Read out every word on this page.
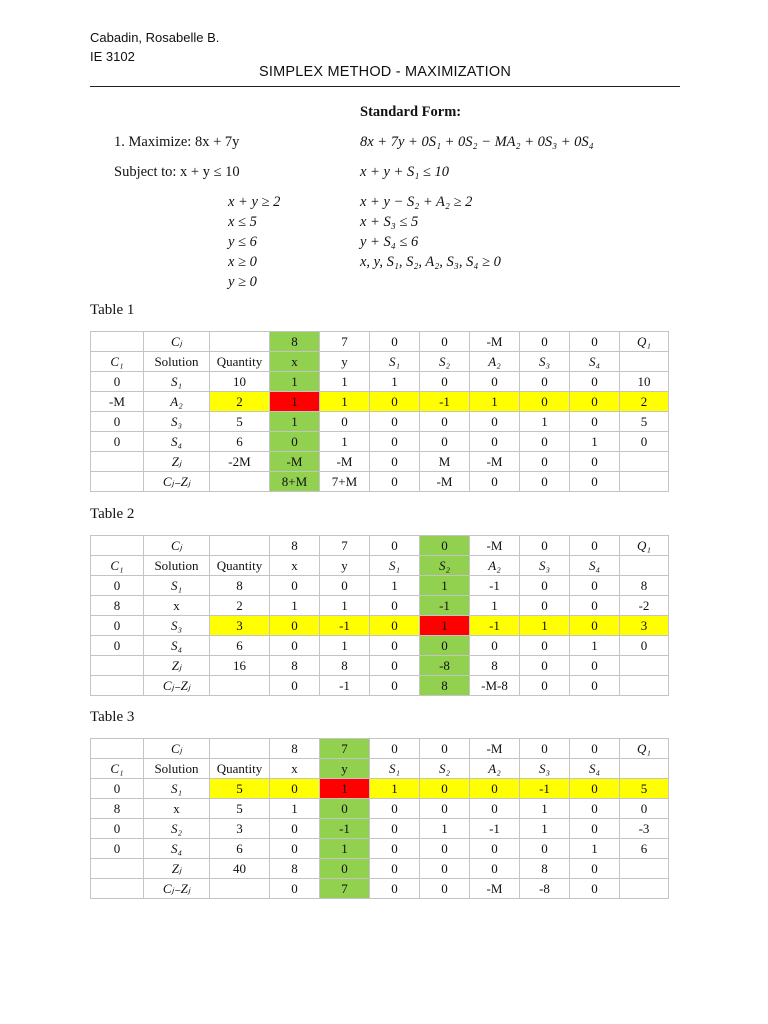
Cabadin, Rosabelle B.
IE 3102
SIMPLEX METHOD - MAXIMIZATION
1. Maximize: 8x + 7y
Subject to: x + y ≤ 10
x + y ≥ 2
x ≤ 5
y ≤ 6
x ≥ 0
y ≥ 0
Standard Form:
8x + 7y + 0S₁ + 0S₂ − MA₂ + 0S₃ + 0S₄
x + y + S₁ ≤ 10
x + y − S₂ + A₂ ≥ 2
x + S₃ ≤ 5
y + S₄ ≤ 6
x, y, S₁, S₂, A₂, S₃, S₄ ≥ 0
Table 1
	Cⱼ		8	7	0	0	-M	0	0	Q₁
C₁	Solution	Quantity	x	y	S₁	S₂	A₂	S₃	S₄	
0	S₁	10	1	1	1	0	0	0	0	10
-M	A₂	2	1	1	0	-1	1	0	0	2
0	S₃	5	1	0	0	0	0	1	0	5
0	S₄	6	0	1	0	0	0	0	1	0
	Zⱼ	-2M	-M	-M	0	M	-M	0	0	
	Cⱼ₋Zⱼ		8+M	7+M	0	-M	0	0	0	
Table 2
	Cⱼ		8	7	0	0	-M	0	0	Q₁
C₁	Solution	Quantity	x	y	S₁	S₂	A₂	S₃	S₄	
0	S₁	8	0	0	1	1	-1	0	0	8
8	x	2	1	1	0	-1	1	0	0	-2
0	S₃	3	0	-1	0	1	-1	1	0	3
0	S₄	6	0	1	0	0	0	0	1	0
	Zⱼ	16	8	8	0	-8	8	0	0	
	Cⱼ₋Zⱼ		0	-1	0	8	-M-8	0	0	
Table 3
	Cⱼ		8	7	0	0	-M	0	0	Q₁
C₁	Solution	Quantity	x	y	S₁	S₂	A₂	S₃	S₄	
0	S₁	5	0	1	1	0	0	-1	0	5
8	x	5	1	0	0	0	0	1	0	0
0	S₂	3	0	-1	0	1	-1	1	0	-3
0	S₄	6	0	1	0	0	0	0	1	6
	Zⱼ	40	8	0	0	0	0	8	0	
	Cⱼ₋Zⱼ		0	7	0	0	-M	-8	0	
